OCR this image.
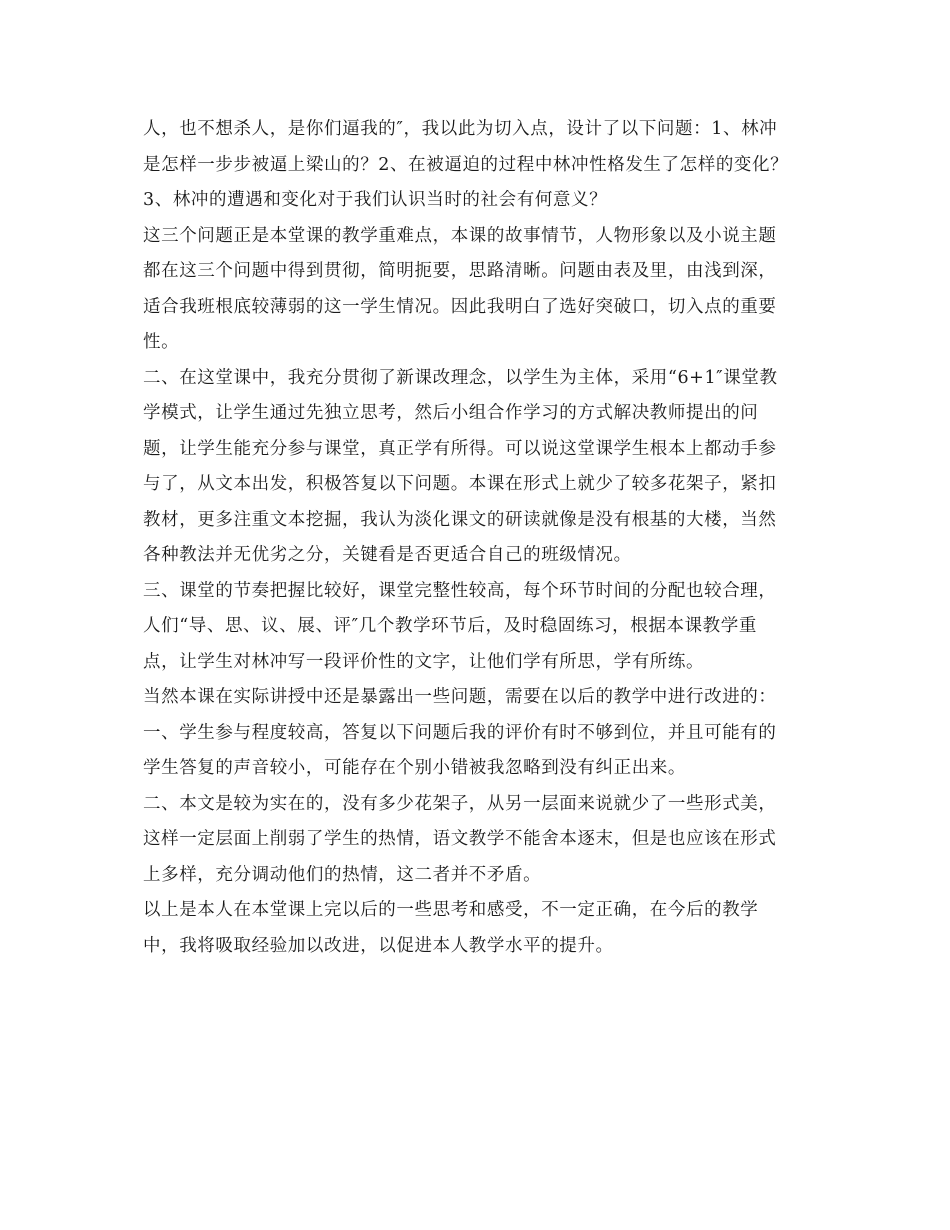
人，也不想杀人，是你们逼我的″，我以此为切入点，设计了以下问题：1、林冲
是怎样一步步被逼上梁山的？2、在被逼迫的过程中林冲性格发生了怎样的变化？
3、林冲的遭遇和变化对于我们认识当时的社会有何意义？
这三个问题正是本堂课的教学重难点，本课的故事情节，人物形象以及小说主题
都在这三个问题中得到贯彻，简明扼要，思路清晰。问题由表及里，由浅到深，
适合我班根底较薄弱的这一学生情况。因此我明白了选好突破口，切入点的重要
性。
二、在这堂课中，我充分贯彻了新课改理念，以学生为主体，采用“6+1″课堂教
学模式，让学生通过先独立思考，然后小组合作学习的方式解决教师提出的问
题，让学生能充分参与课堂，真正学有所得。可以说这堂课学生根本上都动手参
与了，从文本出发，积极答复以下问题。本课在形式上就少了较多花架子，紧扣
教材，更多注重文本挖掘，我认为淡化课文的研读就像是没有根基的大楼，当然
各种教法并无优劣之分，关键看是否更适合自己的班级情况。
三、课堂的节奏把握比较好，课堂完整性较高，每个环节时间的分配也较合理，
人们“导、思、议、展、评″几个教学环节后，及时稳固练习，根据本课教学重
点，让学生对林冲写一段评价性的文字，让他们学有所思，学有所练。
当然本课在实际讲授中还是暴露出一些问题，需要在以后的教学中进行改进的：
一、学生参与程度较高，答复以下问题后我的评价有时不够到位，并且可能有的
学生答复的声音较小，可能存在个别小错被我忽略到没有纠正出来。
二、本文是较为实在的，没有多少花架子，从另一层面来说就少了一些形式美，
这样一定层面上削弱了学生的热情，语文教学不能舍本逐末，但是也应该在形式
上多样，充分调动他们的热情，这二者并不矛盾。
以上是本人在本堂课上完以后的一些思考和感受，不一定正确，在今后的教学
中，我将吸取经验加以改进，以促进本人教学水平的提升。
